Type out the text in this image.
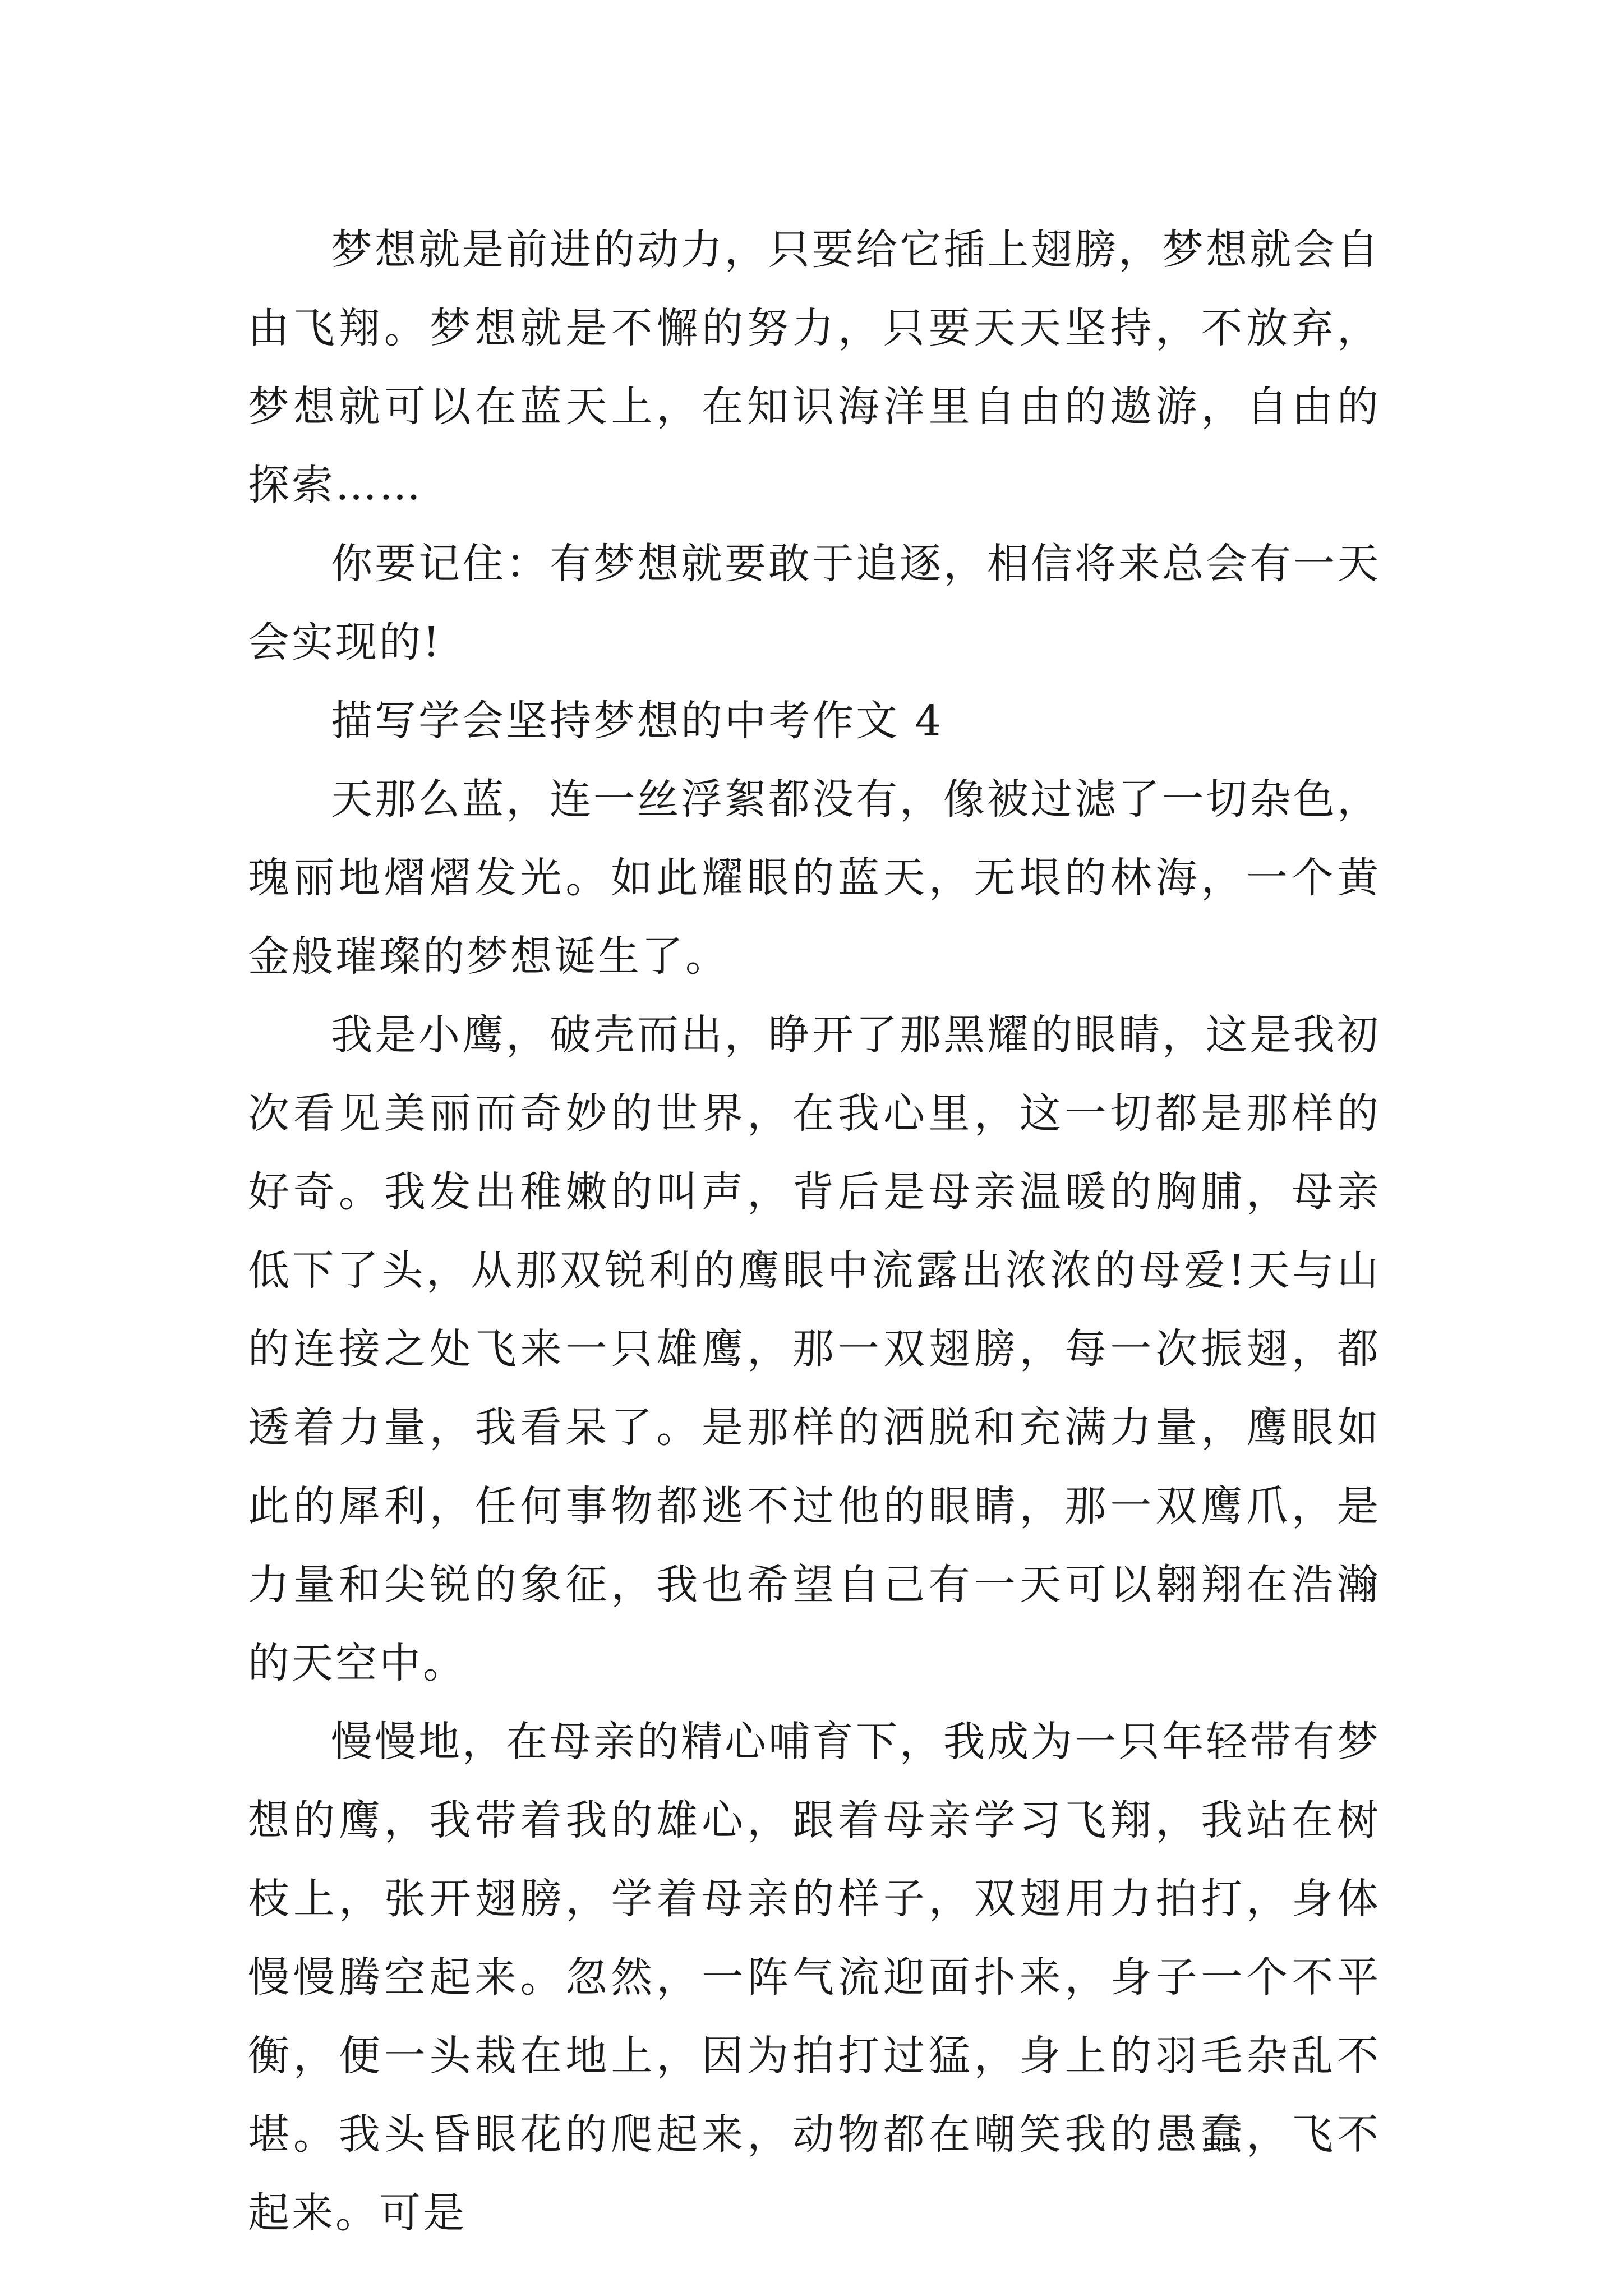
梦想就是前进的动力，只要给它插上翅膀，梦想就会自由飞翔。梦想就是不懈的努力，只要天天坚持，不放弃，梦想就可以在蓝天上，在知识海洋里自由的遨游，自由的探索……

你要记住：有梦想就要敢于追逐，相信将来总会有一天会实现的!

描写学会坚持梦想的中考作文 4

天那么蓝，连一丝浮絮都没有，像被过滤了一切杂色，瑰丽地熠熠发光。如此耀眼的蓝天，无垠的林海，一个黄金般璀璨的梦想诞生了。

我是小鹰，破壳而出，睁开了那黑耀的眼睛，这是我初次看见美丽而奇妙的世界，在我心里，这一切都是那样的好奇。我发出稚嫩的叫声，背后是母亲温暖的胸脯，母亲低下了头，从那双锐利的鹰眼中流露出浓浓的母爱!天与山的连接之处飞来一只雄鹰，那一双翅膀，每一次振翅，都透着力量，我看呆了。是那样的洒脱和充满力量，鹰眼如此的犀利，任何事物都逃不过他的眼睛，那一双鹰爪，是力量和尖锐的象征，我也希望自己有一天可以翱翔在浩瀚的天空中。

慢慢地，在母亲的精心哺育下，我成为一只年轻带有梦想的鹰，我带着我的雄心，跟着母亲学习飞翔，我站在树枝上，张开翅膀，学着母亲的样子，双翅用力拍打，身体慢慢腾空起来。忽然，一阵气流迎面扑来，身子一个不平衡，便一头栽在地上，因为拍打过猛，身上的羽毛杂乱不堪。我头昏眼花的爬起来，动物都在嘲笑我的愚蠢，飞不起来。可是
